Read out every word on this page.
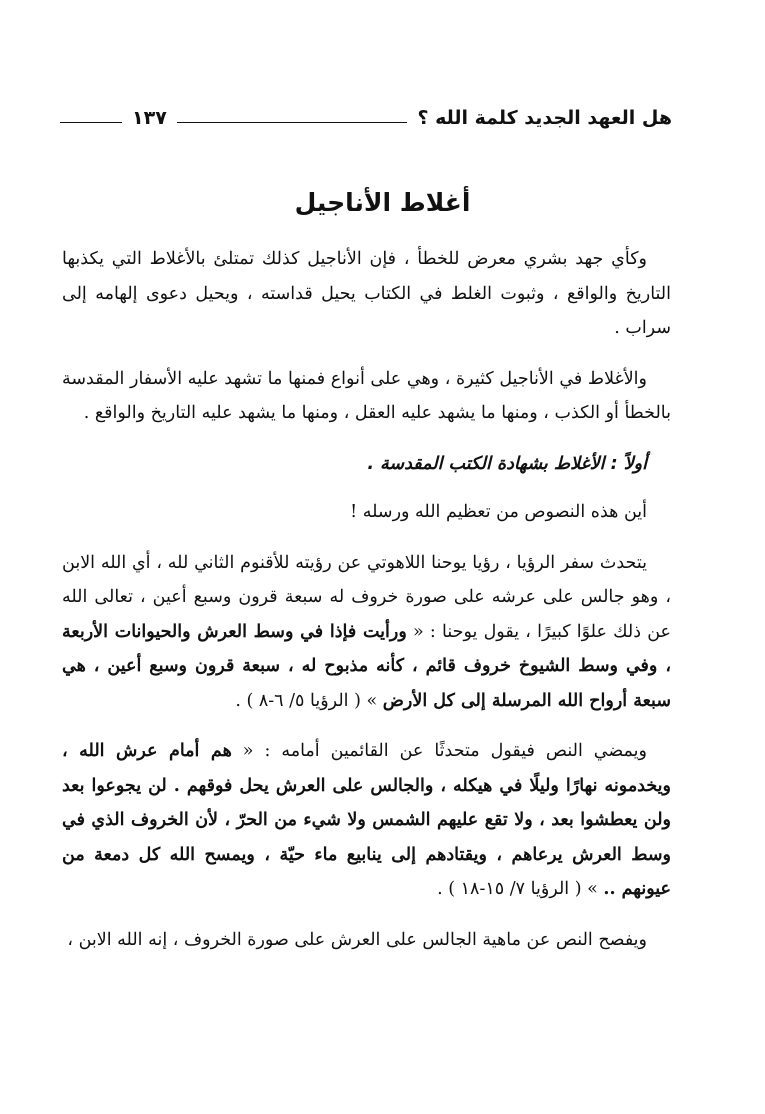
هل العهد الجديد كلمة الله ؟
١٣٧
أغلاط الأناجيل

وكأي جهد بشري معرض للخطأ ، فإن الأناجيل كذلك تمتلئ بالأغلاط التي يكذبها التاريخ والواقع ، وثبوت الغلط في الكتاب يحيل قداسته ، ويحيل دعوى إلهامه إلى سراب .

والأغلاط في الأناجيل كثيرة ، وهي على أنواع فمنها ما تشهد عليه الأسفار المقدسة بالخطأ أو الكذب ، ومنها ما يشهد عليه العقل ، ومنها ما يشهد عليه التاريخ والواقع .

أولاً : الأغلاط بشهادة الكتب المقدسة .

أين هذه النصوص من تعظيم الله ورسله !

يتحدث سفر الرؤيا ، رؤيا يوحنا اللاهوتي عن رؤيته للأقنوم الثاني لله ، أي الله الابن ، وهو جالس على عرشه على صورة خروف له سبعة قرون وسبع أعين ، تعالى الله عن ذلك علوًا كبيرًا ، يقول يوحنا : « ورأيت فإذا في وسط العرش والحيوانات الأربعة ، وفي وسط الشيوخ خروف قائم ، كأنه مذبوح له ، سبعة قرون وسبع أعين ، هي سبعة أرواح الله المرسلة إلى كل الأرض » ( الرؤيا ٥/ ٦-٨ ) .

ويمضي النص فيقول متحدثًا عن القائمين أمامه : « هم أمام عرش الله ، ويخدمونه نهارًا وليلًا في هيكله ، والجالس على العرش يحل فوقهم . لن يجوعوا بعد ولن يعطشوا بعد ، ولا تقع عليهم الشمس ولا شيء من الحرّ ، لأن الخروف الذي في وسط العرش يرعاهم ، ويقتادهم إلى ينابيع ماء حيّة ، ويمسح الله كل دمعة من عيونهم .. » ( الرؤيا ٧/ ١٥-١٨ ) .

ويفصح النص عن ماهية الجالس على العرش على صورة الخروف ، إنه الله الابن ،
